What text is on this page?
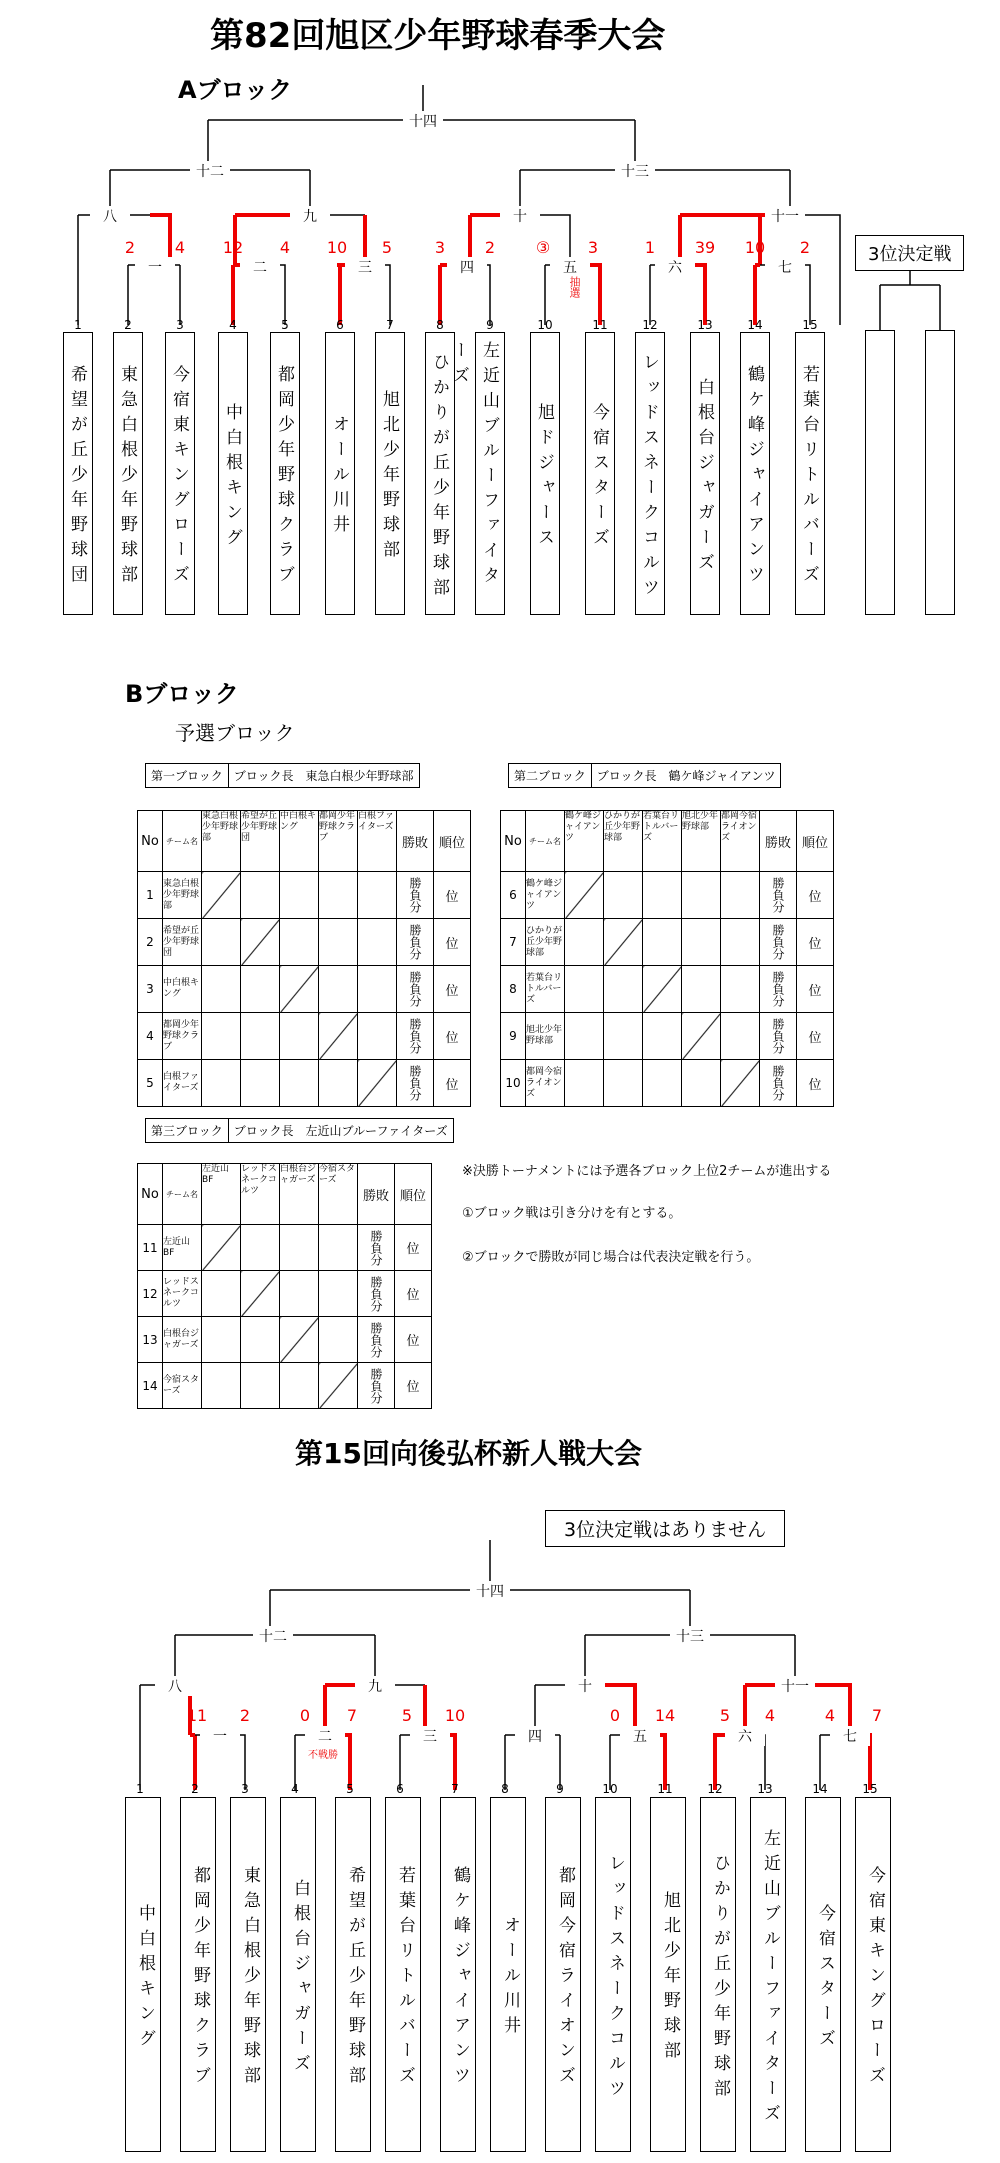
第82回旭区少年野球春季大会
Aブロック
十四
十二	十三
八	九	十	十一
一	二	三	四	五	六	七
抽選
2	4	12	4	10	5	3	2	③	3	1	39	10	2	3位決定戦
1
希望が丘少年野球団
2
東急白根少年野球部
3
今宿東キングローズ
4
中白根キング
5
都岡少年野球クラブ
6
オール川井
7
旭北少年野球部
8
ひかりが丘少年野球部
9
左近山ブルーファイターズ
10
旭ドジャース
11
今宿スターズ
12
レッドスネークコルツ
13
白根台ジャガーズ
14
鶴ケ峰ジャイアンツ
15
若葉台リトルバーズ
Bブロック
予選ブロック
第一ブロック ブロック長　東急白根少年野球部
No	チーム名	東急白根少年野球部	希望が丘少年野球団	中白根キング	都岡少年野球クラブ	白根ファイターズ	勝敗	順位
1	東急白根少年野球部						勝負分	位
2	希望が丘少年野球団						勝負分	位
3	中白根キング						勝負分	位
4	都岡少年野球クラブ						勝負分	位
5	白根ファイターズ						勝負分	位
第二ブロック ブロック長　鶴ケ峰ジャイアンツ
No	チーム名	鶴ケ峰ジャイアンツ	ひかりが丘少年野球部	若葉台リトルバーズ	旭北少年野球部	都岡今宿ライオンズ	勝敗	順位
6	鶴ケ峰ジャイアンツ						勝負分	位
7	ひかりが丘少年野球部						勝負分	位
8	若葉台リトルバーズ						勝負分	位
9	旭北少年野球部						勝負分	位
10	都岡今宿ライオンズ						勝負分	位
第三ブロック ブロック長　左近山ブルーファイターズ
No	チーム名	左近山BF	レッドスネークコルツ	白根台ジャガーズ	今宿スターズ	勝敗	順位
11	左近山BF					勝負分	位
12	レッドスネークコルツ					勝負分	位
13	白根台ジャガーズ					勝負分	位
14	今宿スターズ					勝負分	位
※決勝トーナメントには予選各ブロック上位2チームが進出する
①ブロック戦は引き分けを有とする。
②ブロックで勝敗が同じ場合は代表決定戦を行う。
第15回向後弘杯新人戦大会
3位決定戦はありません
十四
十二	十三
八	九	十	十一
一	二	三	四	五	六	七
不戦勝
11	2	0	7	5	10	0	14	5	4	4	7
1
中白根キング
2
都岡少年野球クラブ
3
東急白根少年野球部
4
白根台ジャガーズ
5
希望が丘少年野球部
6
若葉台リトルバーズ
7
鶴ケ峰ジャイアンツ
8
オール川井
9
都岡今宿ライオンズ
10
レッドスネークコルツ
11
旭北少年野球部
12
ひかりが丘少年野球部
13
左近山ブルーファイターズ
14
今宿スターズ
15
今宿東キングローズ
